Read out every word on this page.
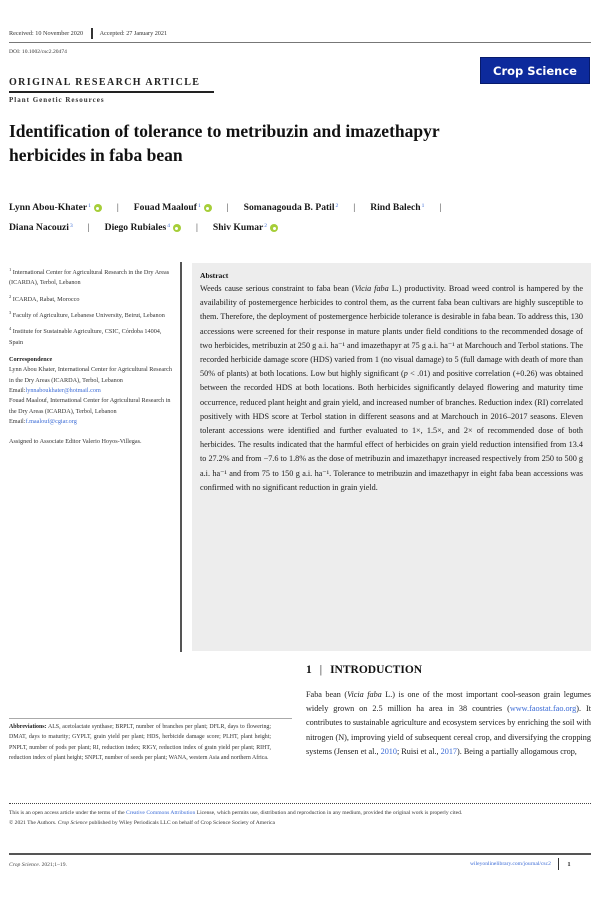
Received: 10 November 2020	Accepted: 27 January 2021
DOI: 10.1002/csc2.20474
ORIGINAL RESEARCH ARTICLE
Plant Genetic Resources
Crop Science
Identification of tolerance to metribuzin and imazethapyr
herbicides in faba bean
Lynn Abou-Khater$^1$	| Fouad Maalouf$^1$	| Somanagouda B. Patil$^2$ | Rind Balech$^1$ |

Diana Nacouzi$^3$ | Diego Rubiales$^4$	| Shiv Kumar$^2$

$^1$ International Center for Agricultural Research in the Dry Areas (ICARDA), Terbol, Lebanon

$^2$ ICARDA, Rabat, Morocco

$^3$ Faculty of Agriculture, Lebanese University, Beirut, Lebanon

$^4$ Institute for Sustainable Agriculture, CSIC, Córdoba 14004, Spain

Correspondence
Lynn Abou Khater, International Center for Agricultural Research in the Dry Areas (ICARDA), Terbol, Lebanon
Email:lynnaboukhater@hotmail.com
Fouad Maalouf, International Center for Agricultural Research in the Dry Areas (ICARDA), Terbol, Lebanon
Email:f.maalouf@cgiar.org
Assigned to Associate Editor Valerio Hoyos-Villegas.
Abstract
Weeds cause serious constraint to faba bean (Vicia faba L.) productivity. Broad weed control is hampered by the availability of postemergence herbicides to control them, as the current faba bean cultivars are highly susceptible to them. Therefore, the deployment of postemergence herbicide tolerance is desirable in faba bean. To address this, 130 accessions were screened for their response in mature plants under field conditions to the recommended dosage of two herbicides, metribuzin at 250 g a.i. ha⁻¹ and imazethapyr at 75 g a.i. ha⁻¹ at Marchouch and Terbol stations. The recorded herbicide damage score (HDS) varied from 1 (no visual damage) to 5 (full damage with death of more than 50% of plants) at both locations. Low but highly significant (p < .01) and positive correlation (+0.26) was obtained between the recorded HDS at both locations. Both herbicides significantly delayed flowering and maturity time occurrence, reduced plant height and grain yield, and increased number of branches. Reduction index (RI) correlated positively with HDS score at Terbol station in different seasons and at Marchouch in 2016–2017 seasons. Eleven tolerant accessions were identified and further evaluated to 1×, 1.5×, and 2× of recommended dose of both herbicides. The results indicated that the harmful effect of herbicides on grain yield reduction intensified from 13.4 to 27.2% and from −7.6 to 1.8% as the dose of metribuzin and imazethapyr increased respectively from 250 to 500 g a.i. ha⁻¹ and from 75 to 150 g a.i. ha⁻¹. Tolerance to metribuzin and imazethapyr in eight faba bean accessions was confirmed with no significant reduction in grain yield.
1 | INTRODUCTION
Faba bean (Vicia faba L.) is one of the most important cool-season grain legumes widely grown on 2.5 million ha area in 38 countries (www.faostat.fao.org). It contributes to sustainable agriculture and ecosystem services by enriching the soil with nitrogen (N), improving yield of subsequent cereal crop, and diversifying the cropping systems (Jensen et al., 2010; Ruisi et al., 2017). Being a partially allogamous crop,
Abbreviations: ALS, acetolactate synthase; BRPLT, number of branches per plant; DFLR, days to flowering; DMAT, days to maturity; GYPLT, grain yield per plant; HDS, herbicide damage score; PLHT, plant height; PNPLT, number of pods per plant; RI, reduction index; RIGY, reduction index of grain yield per plant; RIHT, reduction index of plant height; SNPLT, number of seeds per plant; WANA, western Asia and northern Africa.
This is an open access article under the terms of the Creative Commons Attribution License, which permits use, distribution and reproduction in any medium, provided the original work is properly cited.
© 2021 The Authors. Crop Science published by Wiley Periodicals LLC on behalf of Crop Science Society of America
Crop Science. 2021;1–19.	wileyonlinelibrary.com/journal/csc2	1
